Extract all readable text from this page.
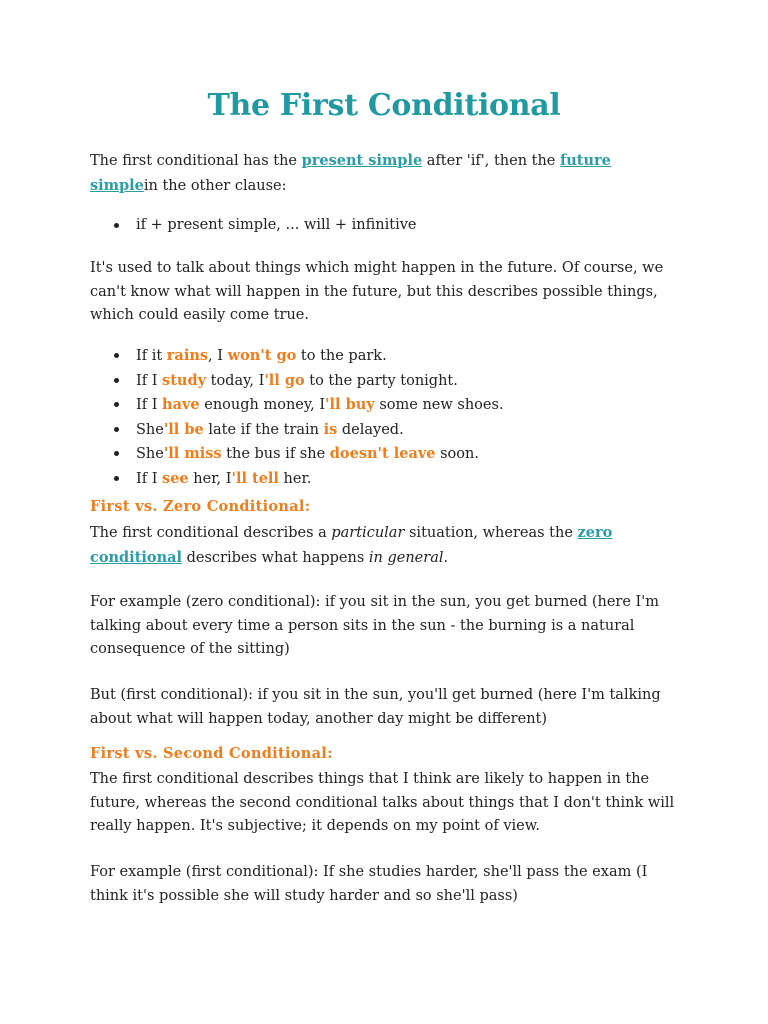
The First Conditional

The first conditional has the present simple after 'if', then the future simplein the other clause:

if + present simple, ... will + infinitive

It's used to talk about things which might happen in the future. Of course, we can't know what will happen in the future, but this describes possible things, which could easily come true.

If it rains, I won't go to the park.
If I study today, I'll go to the party tonight.
If I have enough money, I'll buy some new shoes.
She'll be late if the train is delayed.
She'll miss the bus if she doesn't leave soon.
If I see her, I'll tell her.
First vs. Zero Conditional:

The first conditional describes a particular situation, whereas the zero
conditional describes what happens in general.

For example (zero conditional): if you sit in the sun, you get burned (here I'm talking about every time a person sits in the sun - the burning is a natural consequence of the sitting)

But (first conditional): if you sit in the sun, you'll get burned (here I'm talking about what will happen today, another day might be different)

First vs. Second Conditional:

The first conditional describes things that I think are likely to happen in the future, whereas the second conditional talks about things that I don't think will really happen. It's subjective; it depends on my point of view.

For example (first conditional): If she studies harder, she'll pass the exam (I think it's possible she will study harder and so she'll pass)
